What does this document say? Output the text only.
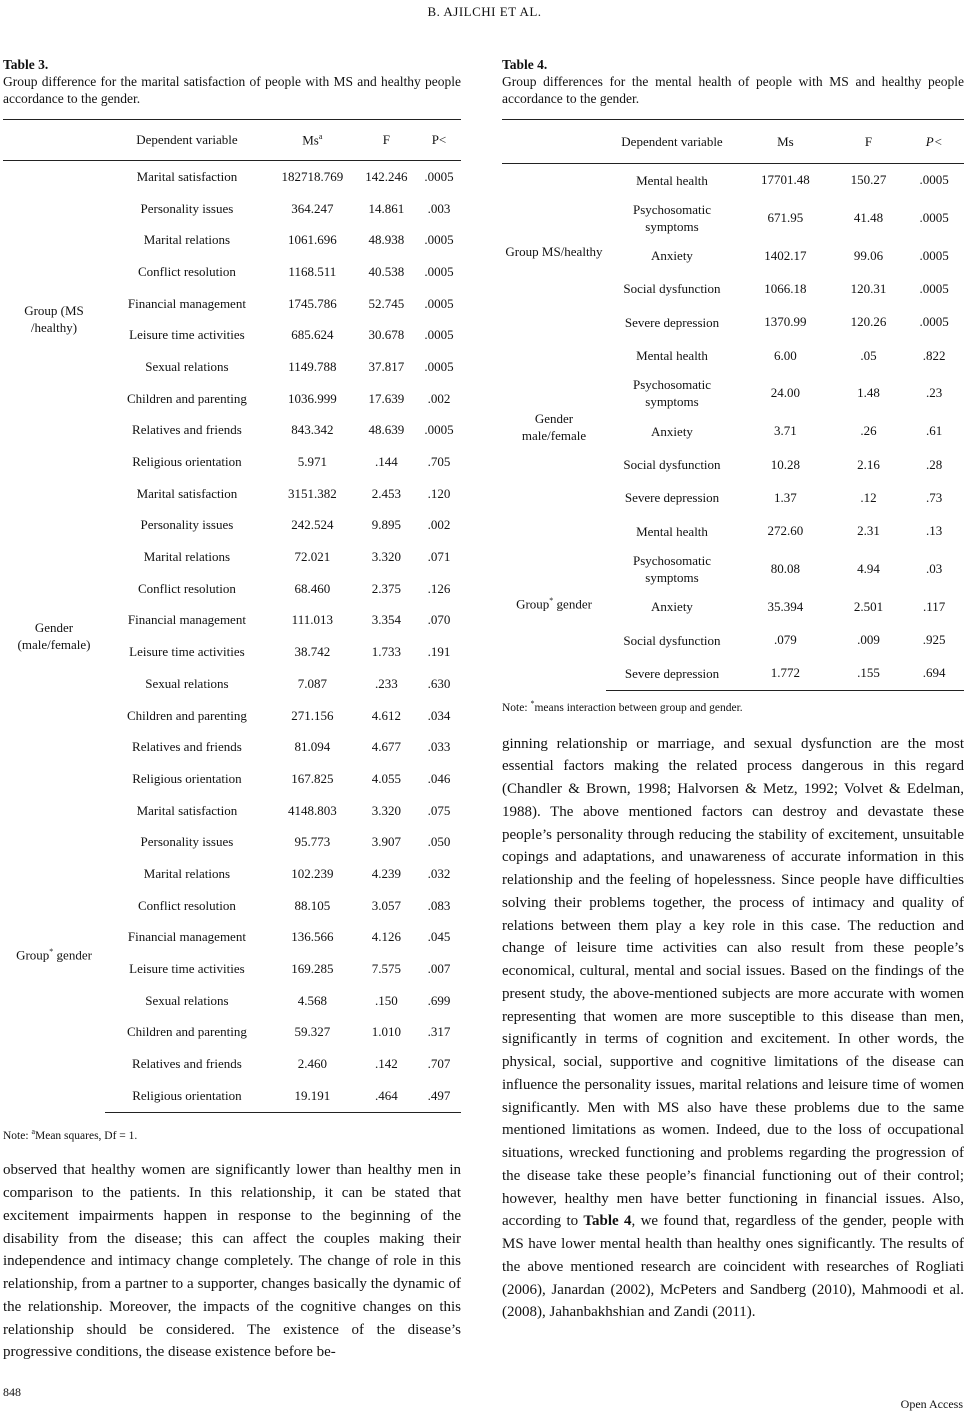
B. AJILCHI ET AL.

Table 3.

Group difference for the marital satisfaction of people with MS and healthy people accordance to the gender.

	Dependent variable	Ms$^a$	F	P<
Group (MS /healthy)	Marital satisfaction	182718.769	142.246	.0005
	Personality issues	364.247	14.861	.003
	Marital relations	1061.696	48.938	.0005
	Conflict resolution	1168.511	40.538	.0005
	Financial management	1745.786	52.745	.0005
	Leisure time activities	685.624	30.678	.0005
	Sexual relations	1149.788	37.817	.0005
	Children and parenting	1036.999	17.639	.002
	Relatives and friends	843.342	48.639	.0005
	Religious orientation	5.971	.144	.705
Gender (male/female)	Marital satisfaction	3151.382	2.453	.120
	Personality issues	242.524	9.895	.002
	Marital relations	72.021	3.320	.071
	Conflict resolution	68.460	2.375	.126
	Financial management	111.013	3.354	.070
	Leisure time activities	38.742	1.733	.191
	Sexual relations	7.087	.233	.630
	Children and parenting	271.156	4.612	.034
	Relatives and friends	81.094	4.677	.033
	Religious orientation	167.825	4.055	.046
Group* gender	Marital satisfaction	4148.803	3.320	.075
	Personality issues	95.773	3.907	.050
	Marital relations	102.239	4.239	.032
	Conflict resolution	88.105	3.057	.083
	Financial management	136.566	4.126	.045
	Leisure time activities	169.285	7.575	.007
	Sexual relations	4.568	.150	.699
	Children and parenting	59.327	1.010	.317
	Relatives and friends	2.460	.142	.707
	Religious orientation	19.191	.464	.497

Note: $^a$Mean squares, Df = 1.

observed that healthy women are significantly lower than healthy men in comparison to the patients. In this relationship, it can be stated that excitement impairments happen in response to the beginning of the disability from the disease; this can affect the couples making their independence and intimacy change completely. The change of role in this relationship, from a partner to a supporter, changes basically the dynamic of the relationship. Moreover, the impacts of the cognitive changes on this relationship should be considered. The existence of the disease’s progressive conditions, the disease existence before be-

Table 4.

Group differences for the mental health of people with MS and healthy people accordance to the gender.

	Dependent variable	Ms	F	P<
Group MS/healthy	Mental health	17701.48	150.27	.0005
	Psychosomatic symptoms	671.95	41.48	.0005
	Anxiety	1402.17	99.06	.0005
	Social dysfunction	1066.18	120.31	.0005
	Severe depression	1370.99	120.26	.0005
Gender male/female	Mental health	6.00	.05	.822
	Psychosomatic symptoms	24.00	1.48	.23
	Anxiety	3.71	.26	.61
	Social dysfunction	10.28	2.16	.28
	Severe depression	1.37	.12	.73
Group* gender	Mental health	272.60	2.31	.13
	Psychosomatic symptoms	80.08	4.94	.03
	Anxiety	35.394	2.501	.117
	Social dysfunction	.079	.009	.925
	Severe depression	1.772	.155	.694

Note: *means interaction between group and gender.

ginning relationship or marriage, and sexual dysfunction are the most essential factors making the related process dangerous in this regard (Chandler & Brown, 1998; Halvorsen & Metz, 1992; Volvet & Edelman, 1988). The above mentioned factors can destroy and devastate these people’s personality through reducing the stability of excitement, unsuitable copings and adaptations, and unawareness of accurate information in this relationship and the feeling of hopelessness. Since people have difficulties solving their problems together, the process of intimacy and quality of relations between them play a key role in this case. The reduction and change of leisure time activities can also result from these people’s economical, cultural, mental and social issues. Based on the findings of the present study, the above-mentioned subjects are more accurate with women representing that women are more susceptible to this disease than men, significantly in terms of cognition and excitement. In other words, the physical, social, supportive and cognitive limitations of the disease can influence the personality issues, marital relations and leisure time of women significantly. Men with MS also have these problems due to the same mentioned limitations as women. Indeed, due to the loss of occupational situations, wrecked functioning and problems regarding the progression of the disease take these people’s financial functioning out of their control; however, healthy men have better functioning in financial issues. Also, according to Table 4, we found that, regardless of the gender, people with MS have lower mental health than healthy ones significantly. The results of the above mentioned research are coincident with researches of Rogliati (2006), Janardan (2002), McPeters and Sandberg (2010), Mahmoodi et al. (2008), Jahanbakhshian and Zandi (2011).

848
Open Access
